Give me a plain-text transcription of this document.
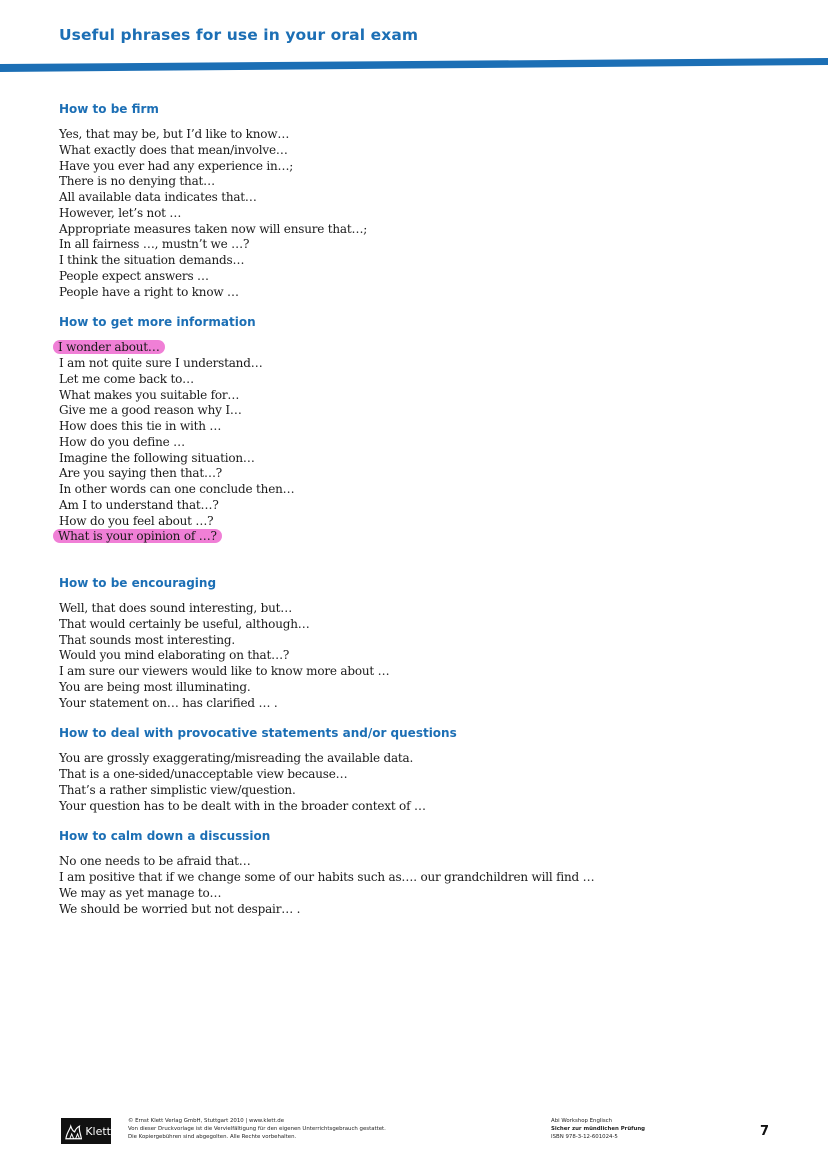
Useful phrases for use in your oral exam
How to be firm
Yes, that may be, but I’d like to know…
What exactly does that mean/involve…
Have you ever had any experience in…;
There is no denying that…
All available data indicates that…
However, let’s not …
Appropriate measures taken now will ensure that…;
In all fairness …, mustn’t we …?
I think the situation demands…
People expect answers …
People have a right to know …
How to get more information
I wonder about…
I am not quite sure I understand…
Let me come back to…
What makes you suitable for…
Give me a good reason why I…
How does this tie in with …
How do you define …
Imagine the following situation…
Are you saying then that…?
In other words can one conclude then…
Am I to understand that…?
How do you feel about …?
What is your opinion of …?
How to be encouraging
Well, that does sound interesting, but…
That would certainly be useful, although…
That sounds most interesting.
Would you mind elaborating on that…?
I am sure our viewers would like to know more about …
You are being most illuminating.
Your statement on… has clarified … .
How to deal with provocative statements and/or questions
You are grossly exaggerating/misreading the available data.
That is a one-sided/unacceptable view because…
That’s a rather simplistic view/question.
Your question has to be dealt with in the broader context of …
How to calm down a discussion
No one needs to be afraid that…
I am positive that if we change some of our habits such as…. our grandchildren will find …
We may as yet manage to…
We should be worried but not despair… .
Klett
© Ernst Klett Verlag GmbH, Stuttgart 2010 | www.klett.de
Von dieser Druckvorlage ist die Vervielfältigung für den eigenen Unterrichtsgebrauch gestattet.
Die Kopiergebühren sind abgegolten. Alle Rechte vorbehalten.
Abi Workshop Englisch
Sicher zur mündlichen Prüfung
ISBN 978-3-12-601024-5	7
